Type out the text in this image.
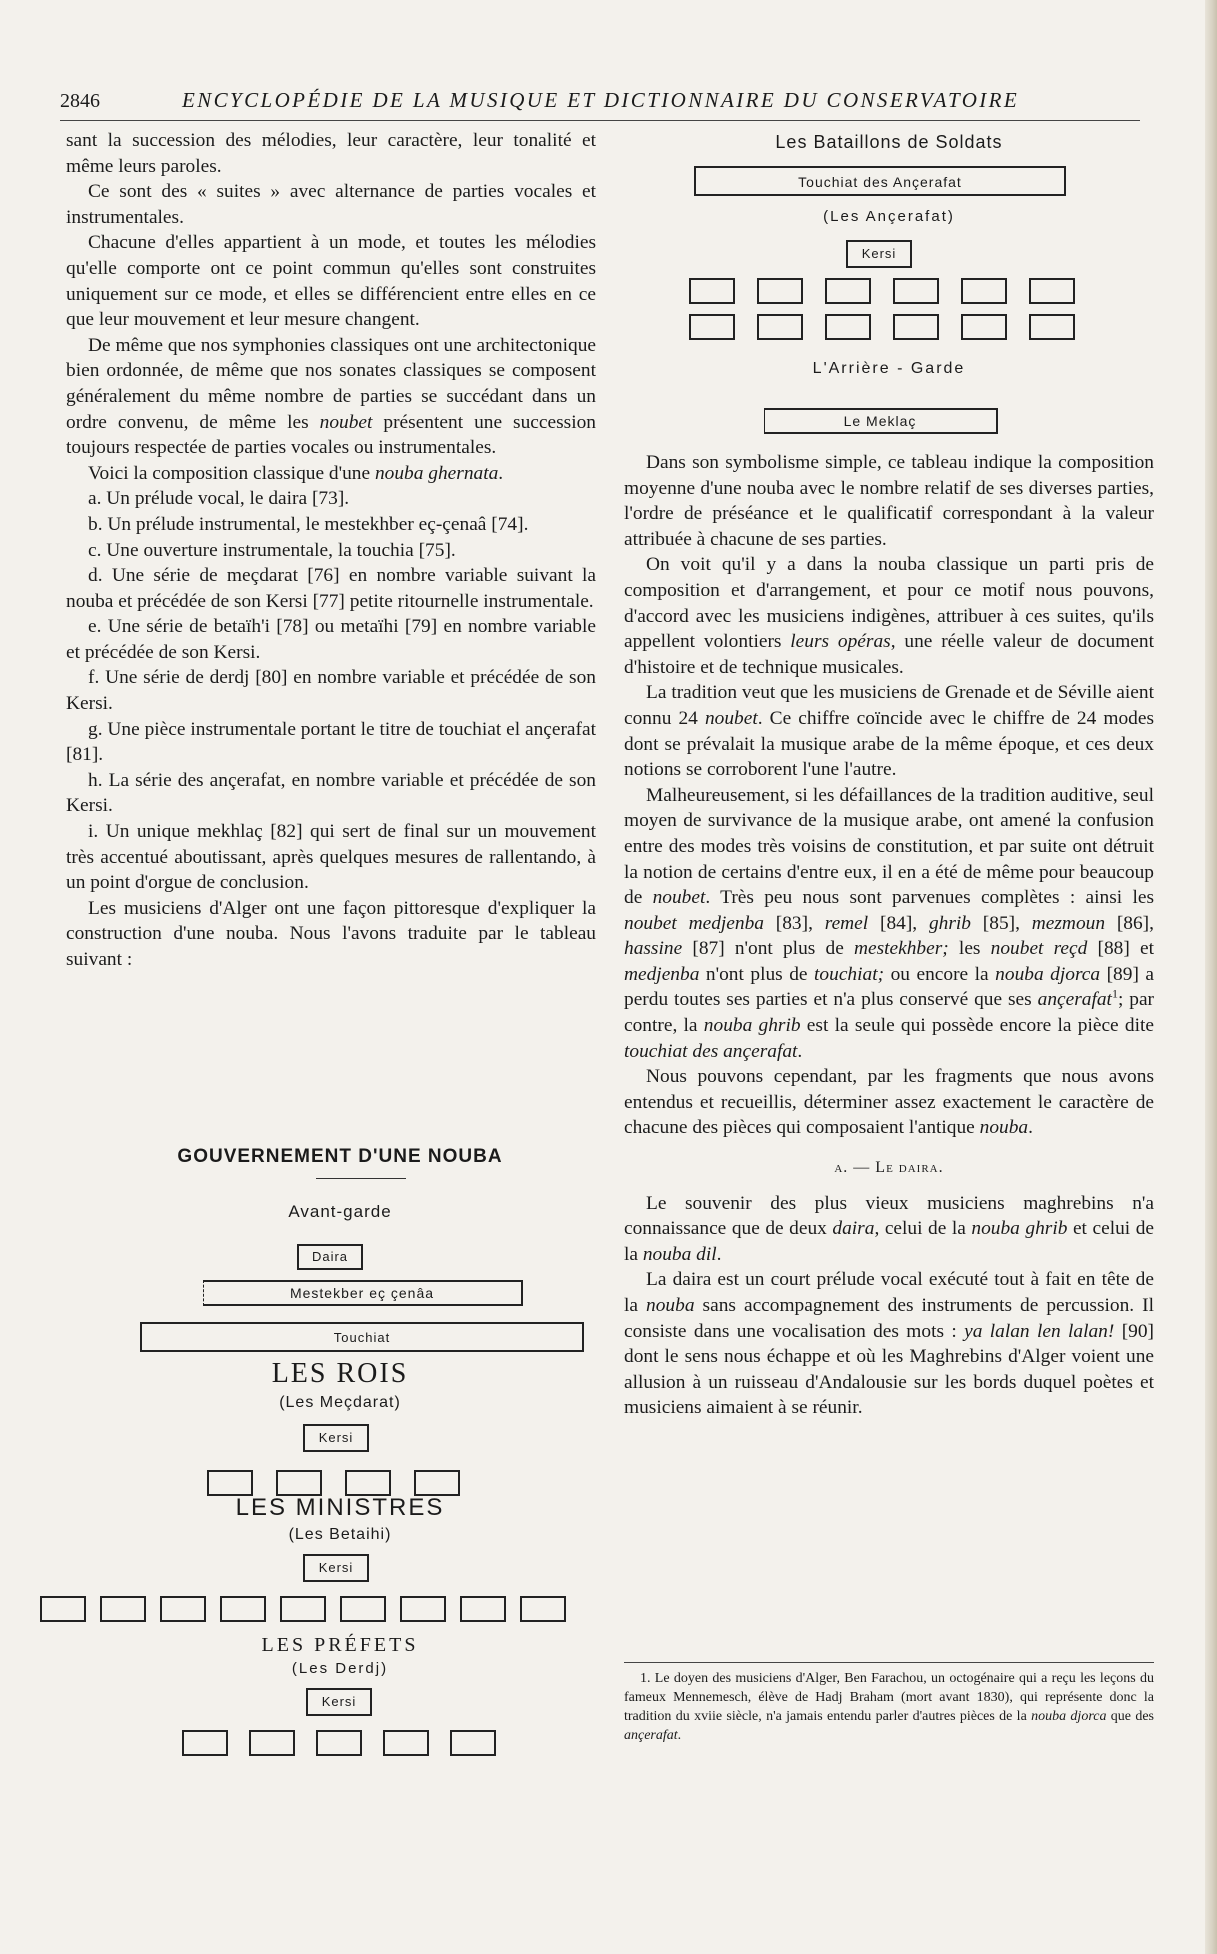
2846	ENCYCLOPÉDIE DE LA MUSIQUE ET DICTIONNAIRE DU CONSERVATOIRE

sant la succession des mélodies, leur caractère, leur tonalité et même leurs paroles.

Ce sont des « suites » avec alternance de parties vocales et instrumentales.

Chacune d'elles appartient à un mode, et toutes les mélodies qu'elle comporte ont ce point commun qu'elles sont construites uniquement sur ce mode, et elles se différencient entre elles en ce que leur mouvement et leur mesure changent.

De même que nos symphonies classiques ont une architectonique bien ordonnée, de même que nos sonates classiques se composent généralement du même nombre de parties se succédant dans un ordre convenu, de même les noubet présentent une succession toujours respectée de parties vocales ou instrumentales.

Voici la composition classique d'une nouba ghernata.

a. Un prélude vocal, le daira [73].

b. Un prélude instrumental, le mestekhber eç-çenaâ [74].

c. Une ouverture instrumentale, la touchia [75].

d. Une série de meçdarat [76] en nombre variable suivant la nouba et précédée de son Kersi [77] petite ritournelle instrumentale.

e. Une série de betaïh'i [78] ou metaïhi [79] en nombre variable et précédée de son Kersi.

f. Une série de derdj [80] en nombre variable et précédée de son Kersi.

g. Une pièce instrumentale portant le titre de touchiat el ançerafat [81].

h. La série des ançerafat, en nombre variable et précédée de son Kersi.

i. Un unique mekhlaç [82] qui sert de final sur un mouvement très accentué aboutissant, après quelques mesures de rallentando, à un point d'orgue de conclusion.

Les musiciens d'Alger ont une façon pittoresque d'expliquer la construction d'une nouba. Nous l'avons traduite par le tableau suivant :

GOUVERNEMENT D'UNE NOUBA
Avant-garde
Daira
Mestekber eç çenâa
Touchiat
LES ROIS
(Les Meçdarat)
Kersi
LES MINISTRES
(Les Betaihi)
Kersi
LES PRÉFETS
(Les Derdj)
Kersi
Les Bataillons de Soldats
Touchiat des Ançerafat
(Les Ançerafat)
Kersi
L'Arrière - Garde
Le Meklaç

Dans son symbolisme simple, ce tableau indique la composition moyenne d'une nouba avec le nombre relatif de ses diverses parties, l'ordre de préséance et le qualificatif correspondant à la valeur attribuée à chacune de ses parties.

On voit qu'il y a dans la nouba classique un parti pris de composition et d'arrangement, et pour ce motif nous pouvons, d'accord avec les musiciens indigènes, attribuer à ces suites, qu'ils appellent volontiers leurs opéras, une réelle valeur de document d'histoire et de technique musicales.

La tradition veut que les musiciens de Grenade et de Séville aient connu 24 noubet. Ce chiffre coïncide avec le chiffre de 24 modes dont se prévalait la musique arabe de la même époque, et ces deux notions se corroborent l'une l'autre.

Malheureusement, si les défaillances de la tradition auditive, seul moyen de survivance de la musique arabe, ont amené la confusion entre des modes très voisins de constitution, et par suite ont détruit la notion de certains d'entre eux, il en a été de même pour beaucoup de noubet. Très peu nous sont parvenues complètes : ainsi les noubet medjenba [83], remel [84], ghrib [85], mezmoun [86], hassine [87] n'ont plus de mestekhber; les noubet reçd [88] et medjenba n'ont plus de touchiat; ou encore la nouba djorca [89] a perdu toutes ses parties et n'a plus conservé que ses ançerafat$^1$; par contre, la nouba ghrib est la seule qui possède encore la pièce dite touchiat des ançerafat.

Nous pouvons cependant, par les fragments que nous avons entendus et recueillis, déterminer assez exactement le caractère de chacune des pièces qui composaient l'antique nouba.

a. — Le daira.

Le souvenir des plus vieux musiciens maghrebins n'a connaissance que de deux daira, celui de la nouba ghrib et celui de la nouba dil.

La daira est un court prélude vocal exécuté tout à fait en tête de la nouba sans accompagnement des instruments de percussion. Il consiste dans une vocalisation des mots : ya lalan len lalan! [90] dont le sens nous échappe et où les Maghrebins d'Alger voient une allusion à un ruisseau d'Andalousie sur les bords duquel poètes et musiciens aimaient à se réunir.

1. Le doyen des musiciens d'Alger, Ben Farachou, un octogénaire qui a reçu les leçons du fameux Mennemesch, élève de Hadj Braham (mort avant 1830), qui représente donc la tradition du xviie siècle, n'a jamais entendu parler d'autres pièces de la nouba djorca que des ançerafat.
